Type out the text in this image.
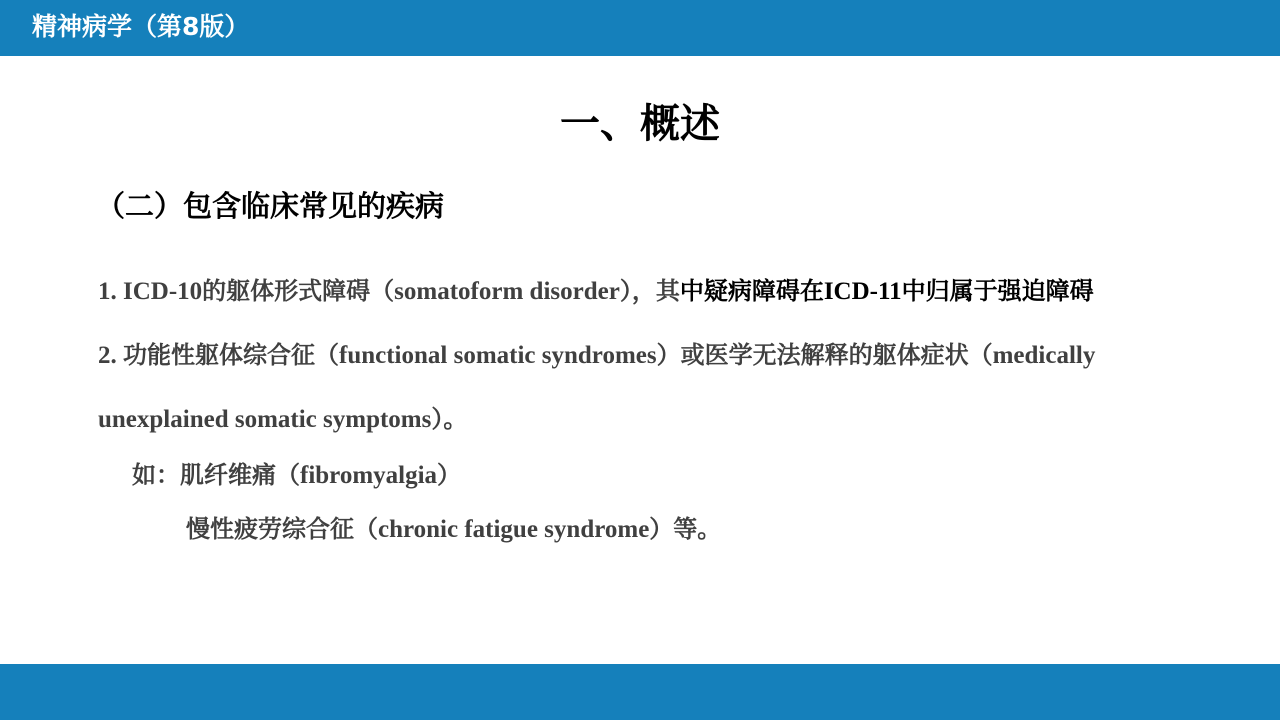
精神病学（第8版）
一、概述
（二）包含临床常见的疾病
1. ICD-10的躯体形式障碍（somatoform disorder），其中疑病障碍在ICD-11中归属于强迫障碍
2. 功能性躯体综合征（functional somatic syndromes）或医学无法解释的躯体症状（medically
unexplained somatic symptoms）。
如：肌纤维痛（fibromyalgia）
慢性疲劳综合征（chronic fatigue syndrome）等。
